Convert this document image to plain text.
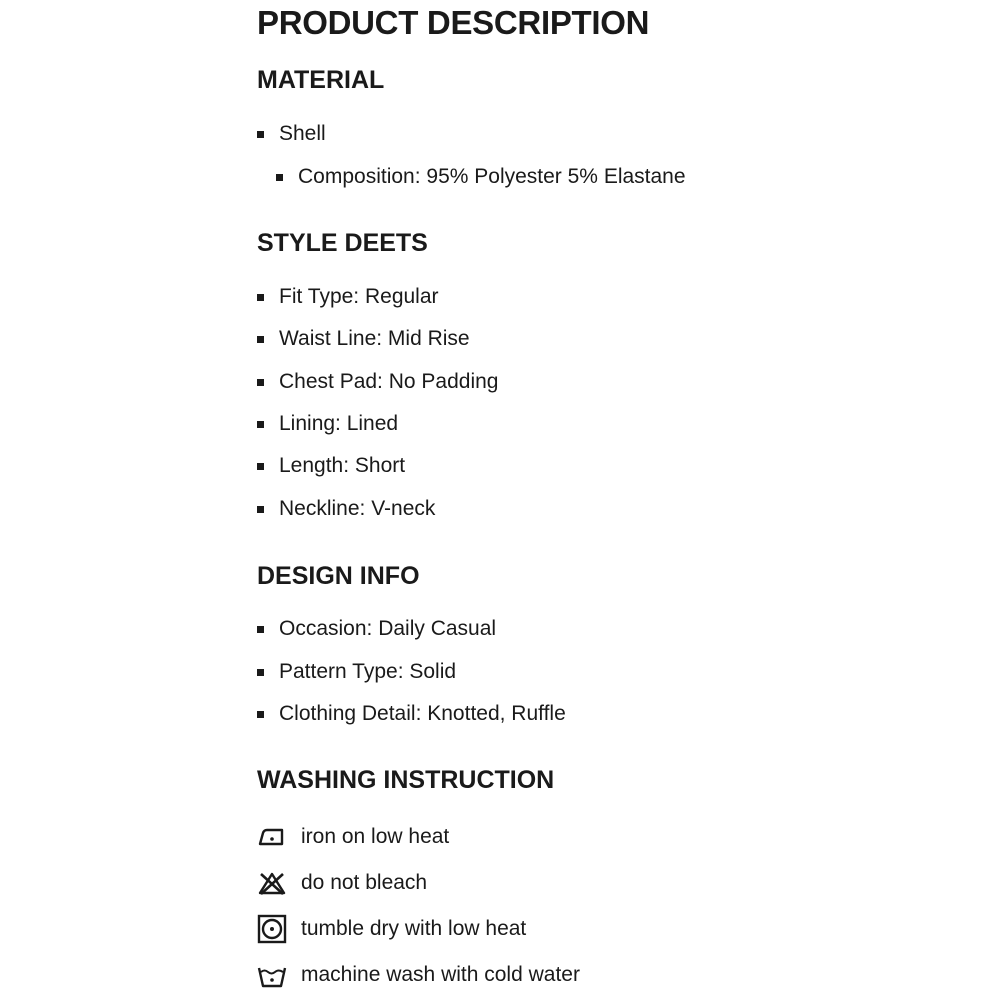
PRODUCT DESCRIPTION
MATERIAL
Shell
Composition: 95% Polyester 5% Elastane
STYLE DEETS
Fit Type: Regular
Waist Line: Mid Rise
Chest Pad: No Padding
Lining: Lined
Length: Short
Neckline: V-neck
DESIGN INFO
Occasion: Daily Casual
Pattern Type: Solid
Clothing Detail: Knotted, Ruffle
WASHING INSTRUCTION
iron on low heat
do not bleach
tumble dry with low heat
machine wash with cold water
